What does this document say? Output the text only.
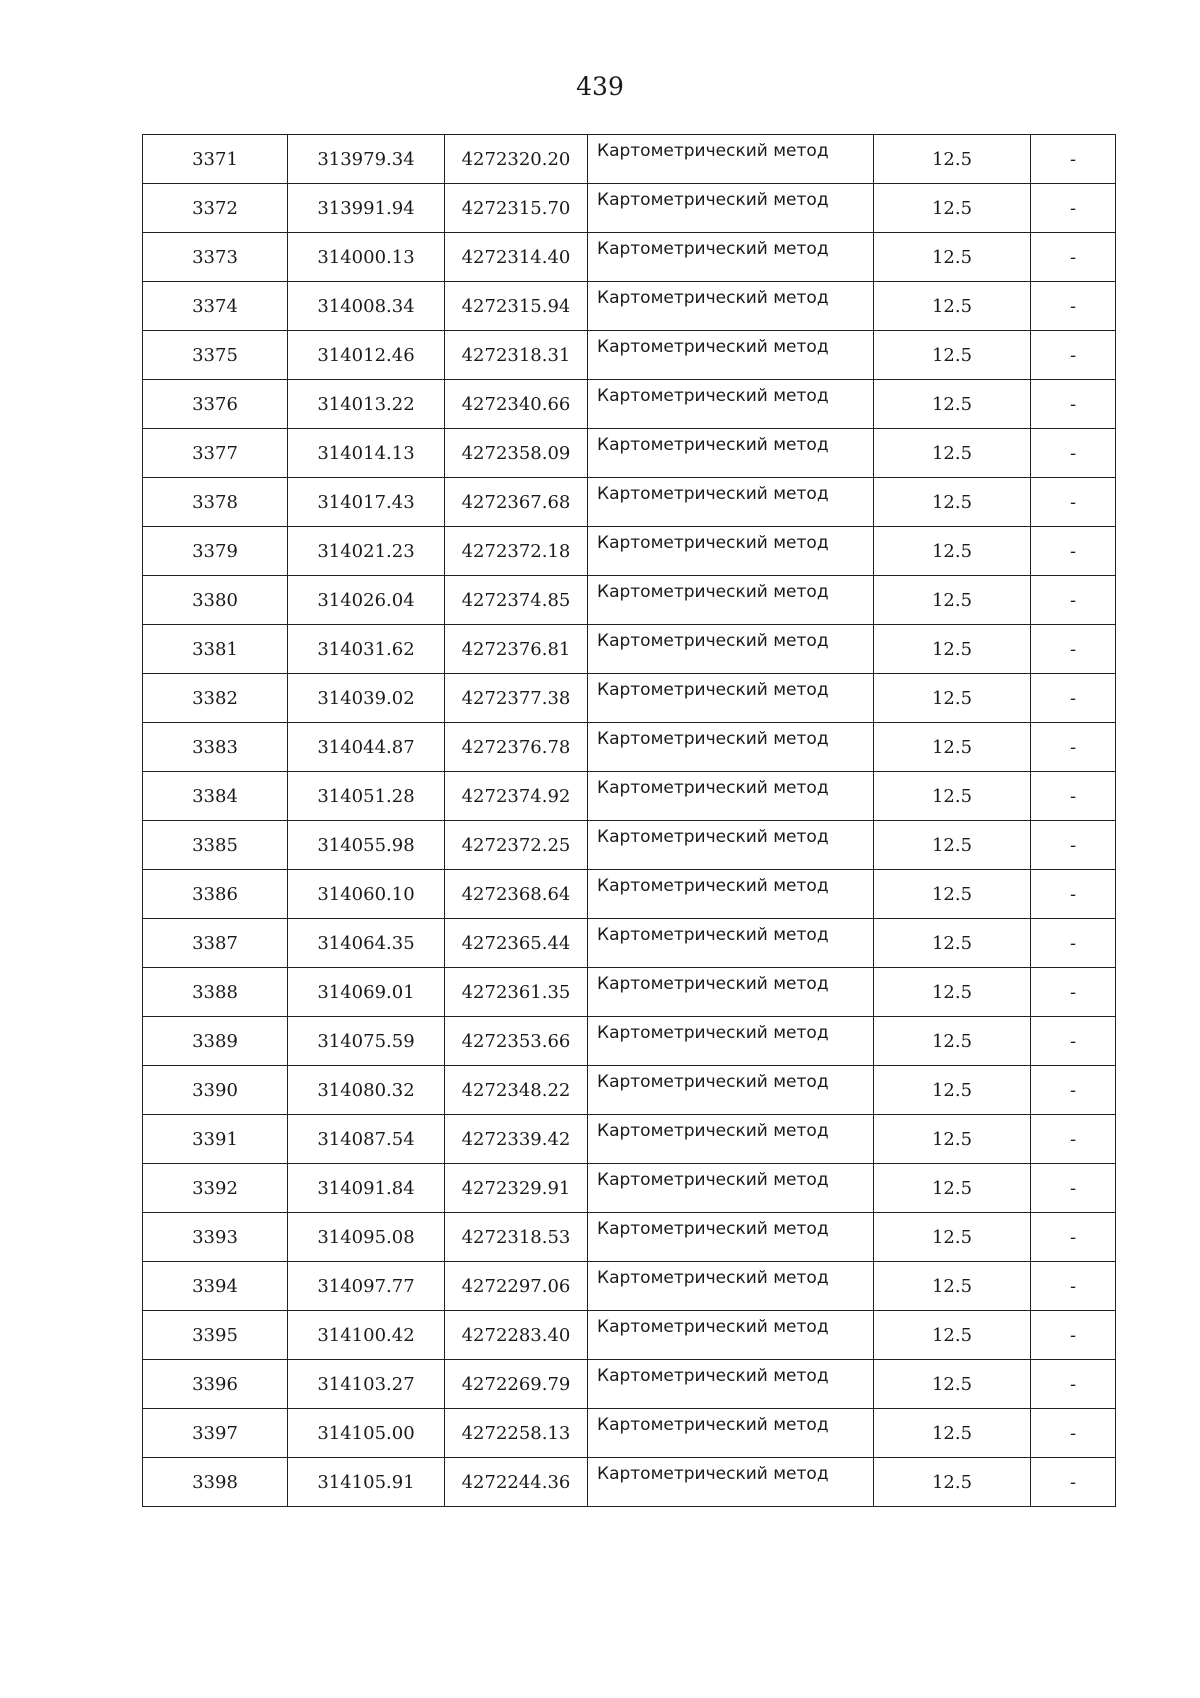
439
3371	313979.34	4272320.20	Картометрический метод	12.5	-
3372	313991.94	4272315.70	Картометрический метод	12.5	-
3373	314000.13	4272314.40	Картометрический метод	12.5	-
3374	314008.34	4272315.94	Картометрический метод	12.5	-
3375	314012.46	4272318.31	Картометрический метод	12.5	-
3376	314013.22	4272340.66	Картометрический метод	12.5	-
3377	314014.13	4272358.09	Картометрический метод	12.5	-
3378	314017.43	4272367.68	Картометрический метод	12.5	-
3379	314021.23	4272372.18	Картометрический метод	12.5	-
3380	314026.04	4272374.85	Картометрический метод	12.5	-
3381	314031.62	4272376.81	Картометрический метод	12.5	-
3382	314039.02	4272377.38	Картометрический метод	12.5	-
3383	314044.87	4272376.78	Картометрический метод	12.5	-
3384	314051.28	4272374.92	Картометрический метод	12.5	-
3385	314055.98	4272372.25	Картометрический метод	12.5	-
3386	314060.10	4272368.64	Картометрический метод	12.5	-
3387	314064.35	4272365.44	Картометрический метод	12.5	-
3388	314069.01	4272361.35	Картометрический метод	12.5	-
3389	314075.59	4272353.66	Картометрический метод	12.5	-
3390	314080.32	4272348.22	Картометрический метод	12.5	-
3391	314087.54	4272339.42	Картометрический метод	12.5	-
3392	314091.84	4272329.91	Картометрический метод	12.5	-
3393	314095.08	4272318.53	Картометрический метод	12.5	-
3394	314097.77	4272297.06	Картометрический метод	12.5	-
3395	314100.42	4272283.40	Картометрический метод	12.5	-
3396	314103.27	4272269.79	Картометрический метод	12.5	-
3397	314105.00	4272258.13	Картометрический метод	12.5	-
3398	314105.91	4272244.36	Картометрический метод	12.5	-
